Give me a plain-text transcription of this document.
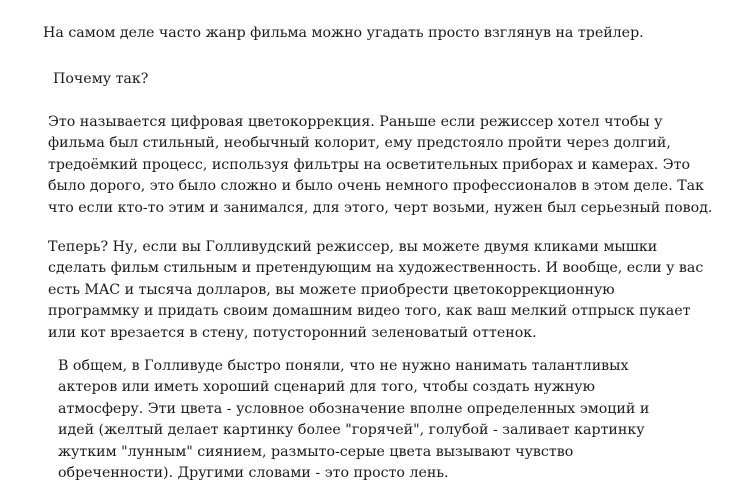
На самом деле часто жанр фильма можно угадать просто взглянув на трейлер.
Почему так?
Это называется цифровая цветокоррекция. Раньше если режиссер хотел чтобы у
фильма был стильный, необычный колорит, ему предстояло пройти через долгий,
тредоёмкий процесс, используя фильтры на осветительных приборах и камерах. Это
было дорого, это было сложно и было очень немного профессионалов в этом деле. Так
что если кто-то этим и занимался, для этого, черт возьми, нужен был серьезный повод.
Теперь? Ну, если вы Голливудский режиссер, вы можете двумя кликами мышки
сделать фильм стильным и претендующим на художественность. И вообще, если у вас
есть MAC и тысяча долларов, вы можете приобрести цветокоррекционную
программку и придать своим домашним видео того, как ваш мелкий отпрыск пукает
или кот врезается в стену, потусторонний зеленоватый оттенок.
В общем, в Голливуде быстро поняли, что не нужно нанимать талантливых
актеров или иметь хороший сценарий для того, чтобы создать нужную
атмосферу. Эти цвета - условное обозначение вполне определенных эмоций и
идей (желтый делает картинку более "горячей", голубой - заливает картинку
жутким "лунным" сиянием, размыто-серые цвета вызывают чувство
обреченности). Другими словами - это просто лень.
